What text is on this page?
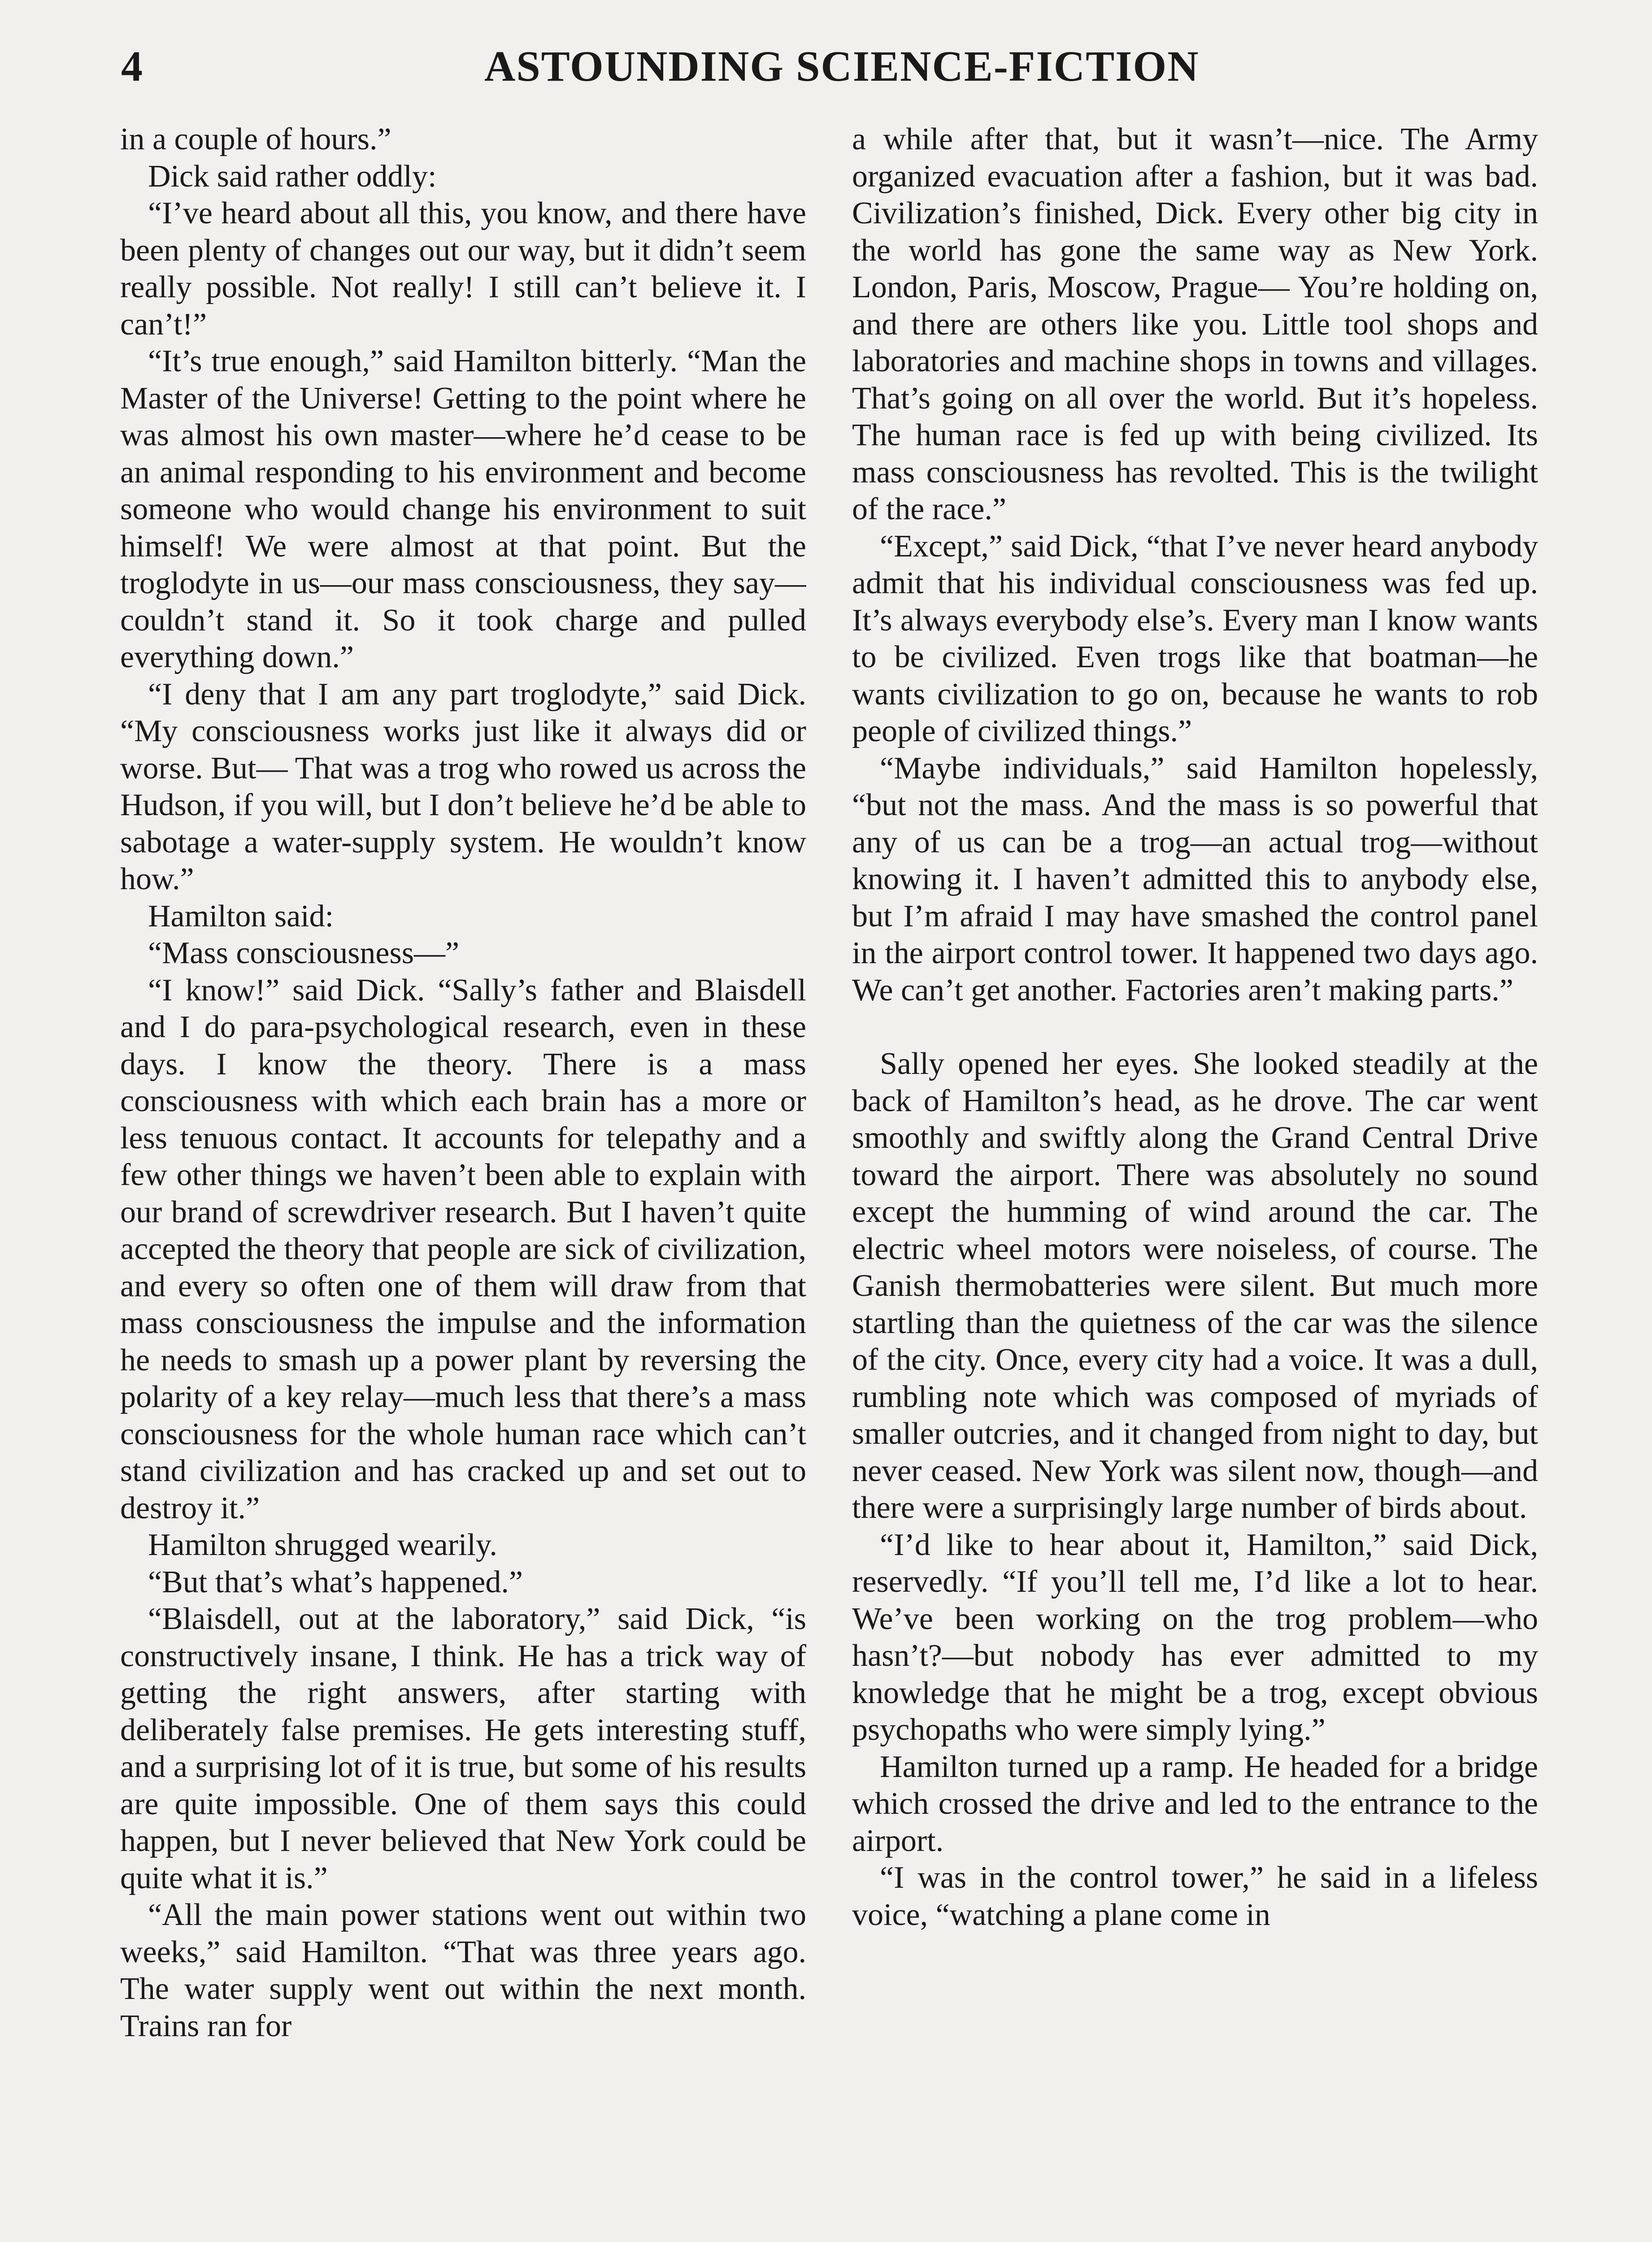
4	ASTOUNDING SCIENCE-FICTION

in a couple of hours.”

Dick said rather oddly:

“I’ve heard about all this, you know, and there have been plenty of changes out our way, but it didn’t seem really possible. Not really! I still can’t believe it. I can’t!”

“It’s true enough,” said Hamilton bitterly. “Man the Master of the Universe! Getting to the point where he was almost his own master—where he’d cease to be an animal responding to his environment and become someone who would change his environment to suit himself! We were almost at that point. But the troglodyte in us—our mass consciousness, they say—couldn’t stand it. So it took charge and pulled everything down.”

“I deny that I am any part troglodyte,” said Dick. “My consciousness works just like it always did or worse. But— That was a trog who rowed us across the Hudson, if you will, but I don’t believe he’d be able to sabotage a water-supply system. He wouldn’t know how.”

Hamilton said:

“Mass consciousness—”

“I know!” said Dick. “Sally’s father and Blaisdell and I do para-psychological research, even in these days. I know the theory. There is a mass consciousness with which each brain has a more or less tenuous contact. It accounts for telepathy and a few other things we haven’t been able to explain with our brand of screwdriver research. But I haven’t quite accepted the theory that people are sick of civilization, and every so often one of them will draw from that mass consciousness the impulse and the information he needs to smash up a power plant by reversing the polarity of a key relay—much less that there’s a mass consciousness for the whole human race which can’t stand civilization and has cracked up and set out to destroy it.”

Hamilton shrugged wearily.

“But that’s what’s happened.”

“Blaisdell, out at the laboratory,” said Dick, “is constructively insane, I think. He has a trick way of getting the right answers, after starting with deliberately false premises. He gets interesting stuff, and a surprising lot of it is true, but some of his results are quite impossible. One of them says this could happen, but I never believed that New York could be quite what it is.”

“All the main power stations went out within two weeks,” said Hamilton. “That was three years ago. The water supply went out within the next month. Trains ran for

a while after that, but it wasn’t—nice. The Army organized evacuation after a fashion, but it was bad. Civilization’s finished, Dick. Every other big city in the world has gone the same way as New York. London, Paris, Moscow, Prague— You’re holding on, and there are others like you. Little tool shops and laboratories and machine shops in towns and villages. That’s going on all over the world. But it’s hopeless. The human race is fed up with being civilized. Its mass consciousness has revolted. This is the twilight of the race.”

“Except,” said Dick, “that I’ve never heard anybody admit that his individual consciousness was fed up. It’s always everybody else’s. Every man I know wants to be civilized. Even trogs like that boatman—he wants civilization to go on, because he wants to rob people of civilized things.”

“Maybe individuals,” said Hamilton hopelessly, “but not the mass. And the mass is so powerful that any of us can be a trog—an actual trog—without knowing it. I haven’t admitted this to anybody else, but I’m afraid I may have smashed the control panel in the airport control tower. It happened two days ago. We can’t get another. Factories aren’t making parts.”

Sally opened her eyes. She looked steadily at the back of Hamilton’s head, as he drove. The car went smoothly and swiftly along the Grand Central Drive toward the airport. There was absolutely no sound except the humming of wind around the car. The electric wheel motors were noiseless, of course. The Ganish thermobatteries were silent. But much more startling than the quietness of the car was the silence of the city. Once, every city had a voice. It was a dull, rumbling note which was composed of myriads of smaller outcries, and it changed from night to day, but never ceased. New York was silent now, though—and there were a surprisingly large number of birds about.

“I’d like to hear about it, Hamilton,” said Dick, reservedly. “If you’ll tell me, I’d like a lot to hear. We’ve been working on the trog problem—who hasn’t?—but nobody has ever admitted to my knowledge that he might be a trog, except obvious psychopaths who were simply lying.”

Hamilton turned up a ramp. He headed for a bridge which crossed the drive and led to the entrance to the airport.

“I was in the control tower,” he said in a lifeless voice, “watching a plane come in
